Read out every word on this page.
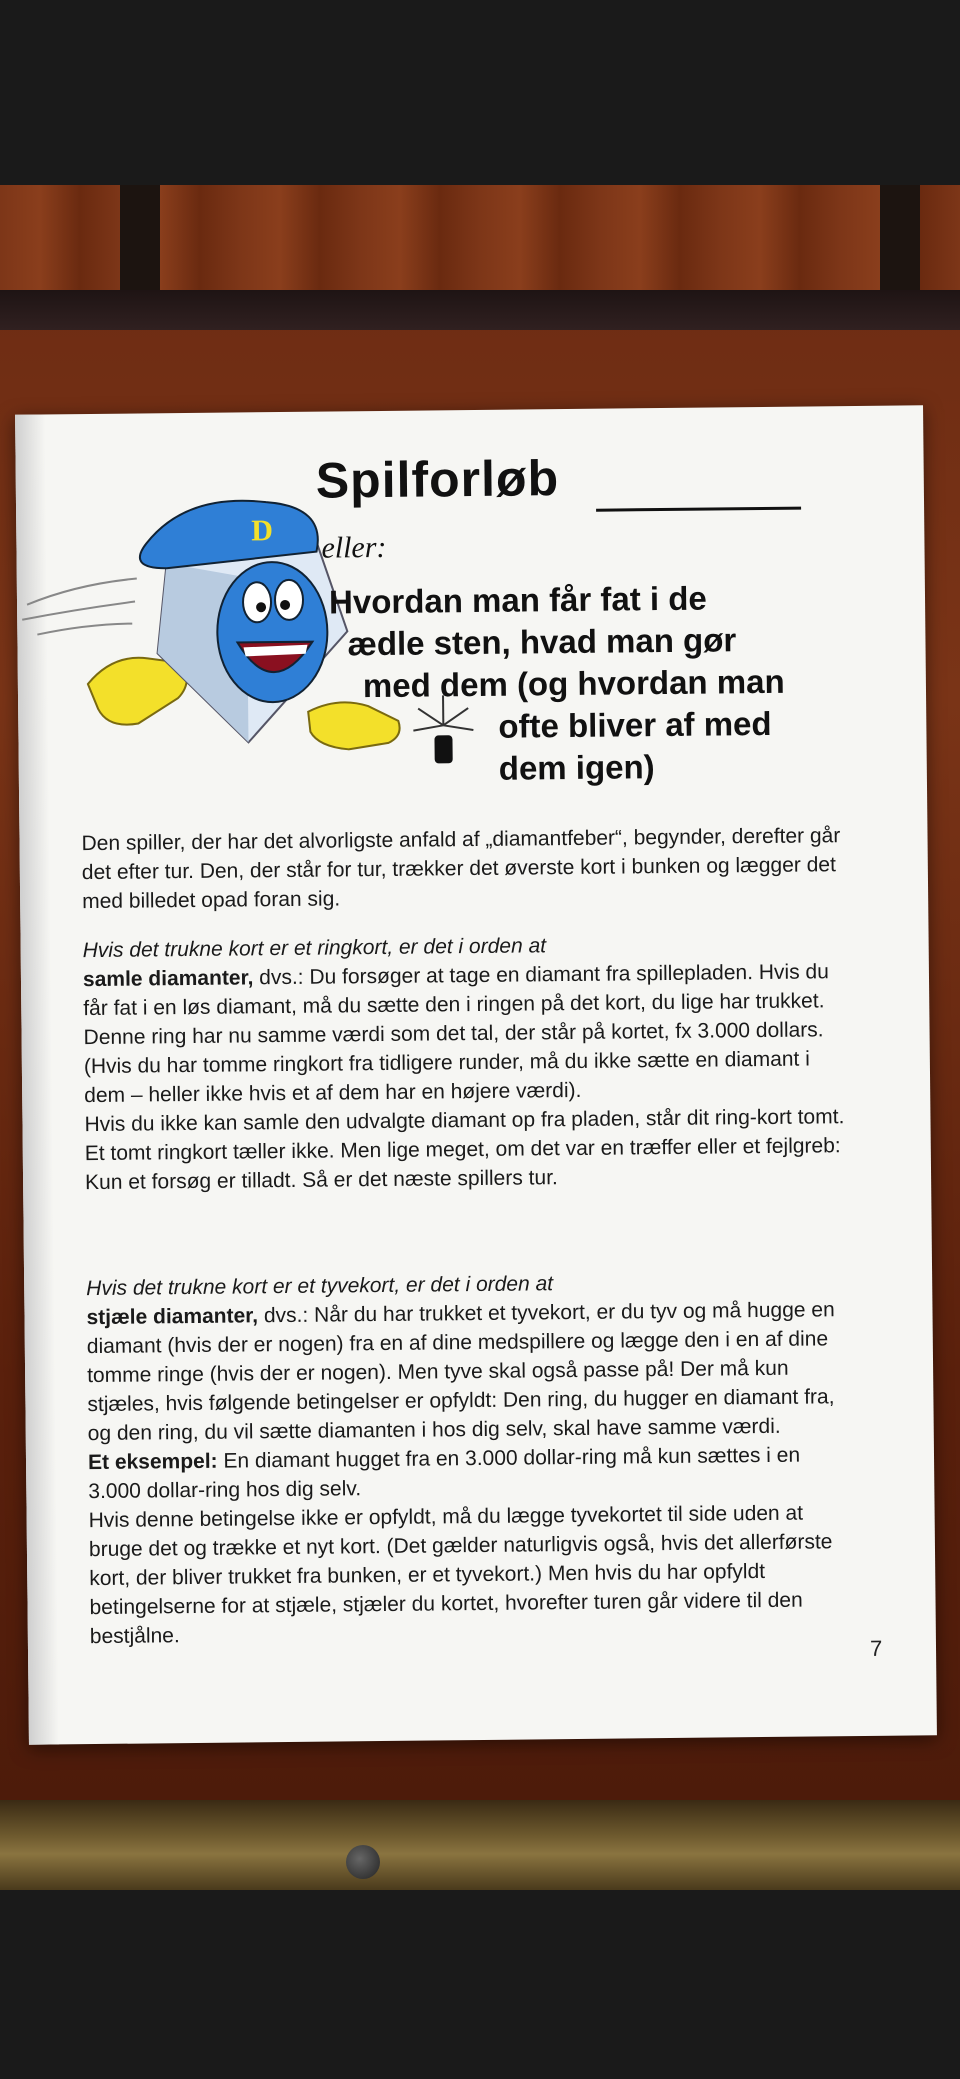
D
Spilforløb
eller:
Hvordan man får fat i de
ædle sten, hvad man gør
med dem (og hvordan man
ofte bliver af med
dem igen)

Den spiller, der har det alvorligste anfald af „diamantfeber“, begynder, derefter går det efter tur. Den, der står for tur, trækker det øverste kort i bunken og lægger det med billedet opad foran sig.

Hvis det trukne kort er et ringkort, er det i orden at

samle diamanter, dvs.: Du forsøger at tage en diamant fra spillepladen. Hvis du får fat i en løs diamant, må du sætte den i ringen på det kort, du lige har trukket. Denne ring har nu samme værdi som det tal, der står på kortet, fx 3.000 dollars. (Hvis du har tomme ringkort fra tidligere runder, må du ikke sætte en diamant i dem – heller ikke hvis et af dem har en højere værdi).

Hvis du ikke kan samle den udvalgte diamant op fra pladen, står dit ring-kort tomt. Et tomt ringkort tæller ikke. Men lige meget, om det var en træffer eller et fejlgreb: Kun et forsøg er tilladt. Så er det næste spillers tur.

Hvis det trukne kort er et tyvekort, er det i orden at

stjæle diamanter, dvs.: Når du har trukket et tyvekort, er du tyv og må hugge en diamant (hvis der er nogen) fra en af dine medspillere og lægge den i en af dine tomme ringe (hvis der er nogen). Men tyve skal også passe på! Der må kun stjæles, hvis følgende betingelser er opfyldt: Den ring, du hugger en diamant fra, og den ring, du vil sætte diamanten i hos dig selv, skal have samme værdi.

Et eksempel: En diamant hugget fra en 3.000 dollar-ring må kun sættes i en 3.000 dollar-ring hos dig selv.

Hvis denne betingelse ikke er opfyldt, må du lægge tyvekortet til side uden at bruge det og trække et nyt kort. (Det gælder naturligvis også, hvis det allerførste kort, der bliver trukket fra bunken, er et tyvekort.) Men hvis du har opfyldt betingelserne for at stjæle, stjæler du kortet, hvorefter turen går videre til den bestjålne.	7
